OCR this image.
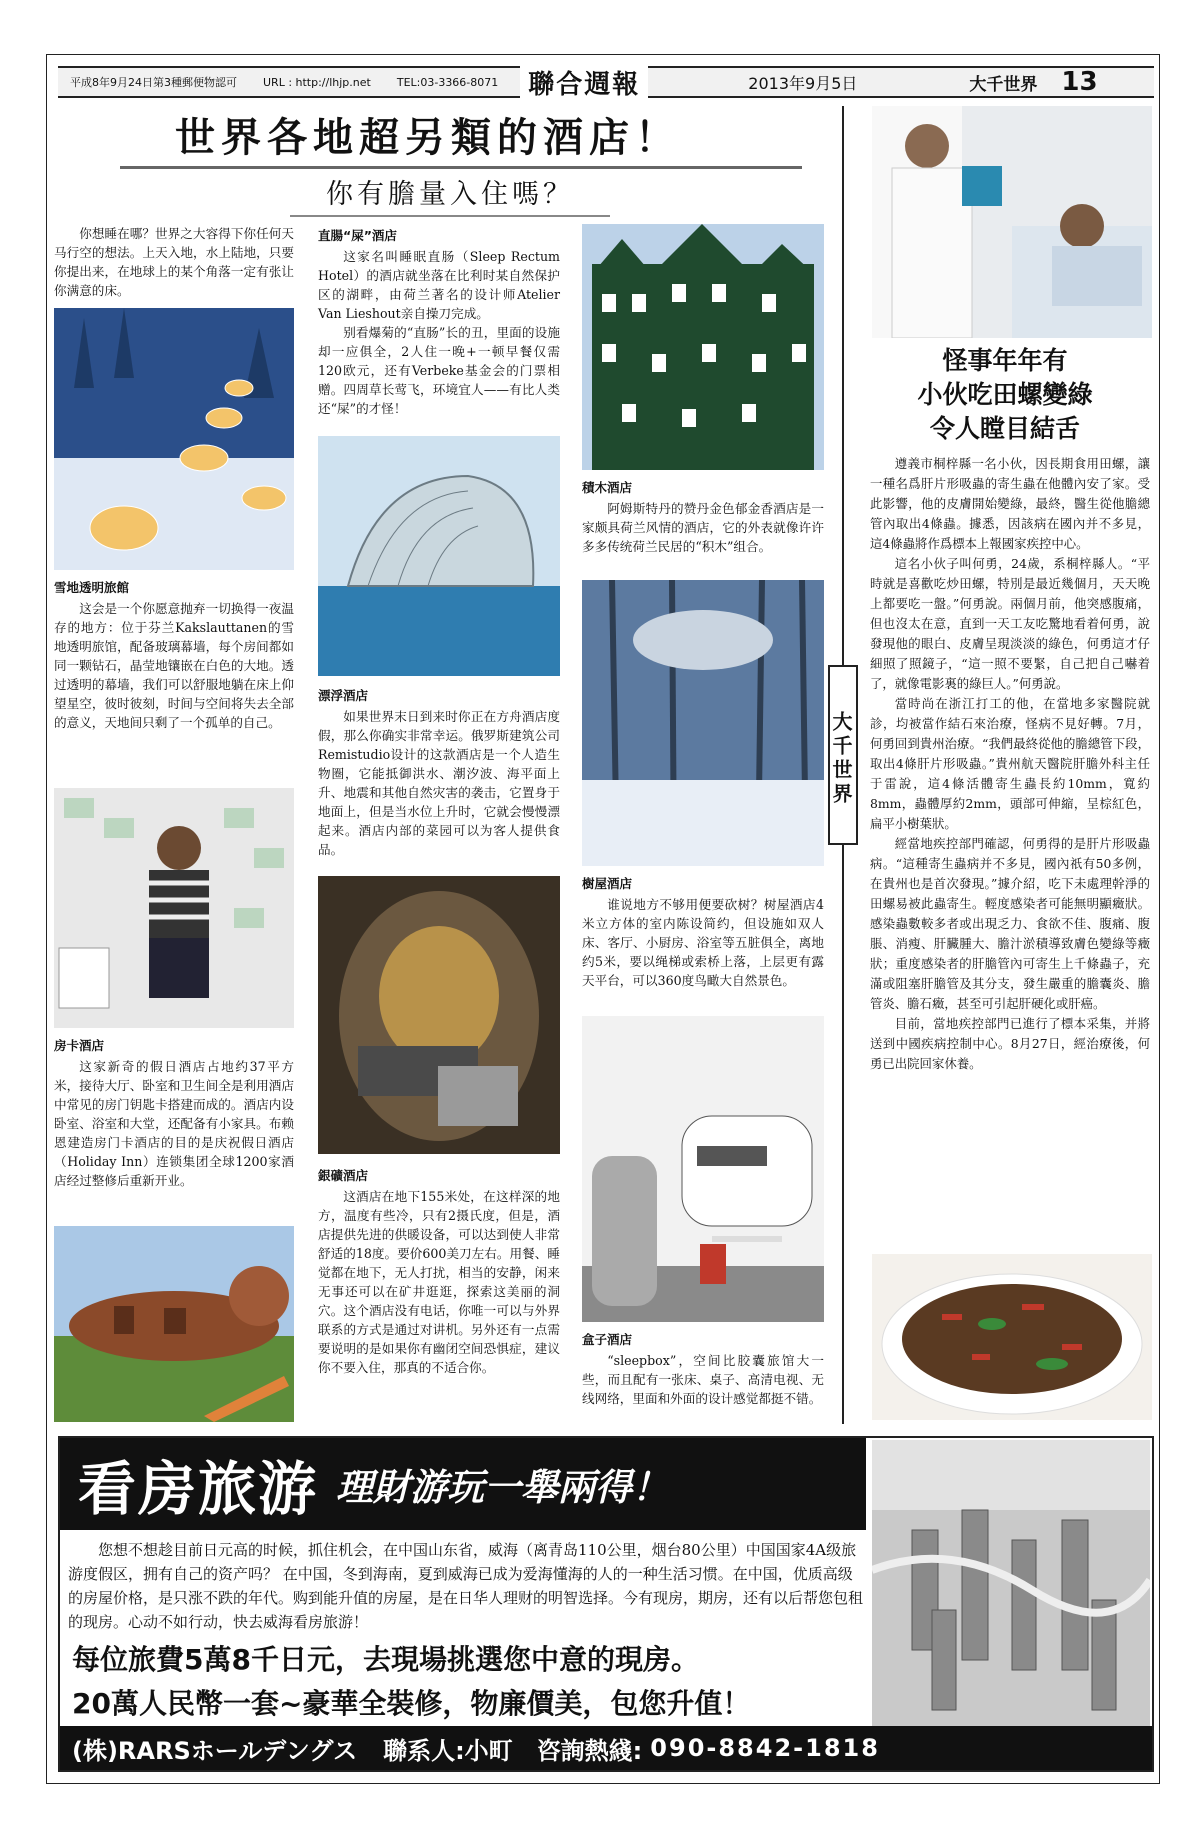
平成8年9月24日第3種郵便物認可 URL : http://lhjp.net TEL:03-3366-8071	聯合週報	2013年9月5日	大千世界 13
世界各地超另類的酒店！
你有膽量入住嗎？

你想睡在哪？世界之大容得下你任何天马行空的想法。上天入地，水上陆地，只要你提出来，在地球上的某个角落一定有张让你满意的床。

雪地透明旅館

这会是一个你愿意抛弃一切换得一夜温存的地方：位于芬兰Kakslauttanen的雪地透明旅馆，配备玻璃幕墙，每个房间都如同一颗钻石，晶莹地镶嵌在白色的大地。透过透明的幕墙，我们可以舒服地躺在床上仰望星空，彼时彼刻，时间与空间将失去全部的意义，天地间只剩了一个孤单的自己。

房卡酒店

这家新奇的假日酒店占地约37平方米，接待大厅、卧室和卫生间全是利用酒店中常见的房门钥匙卡搭建而成的。酒店内设卧室、浴室和大堂，还配备有小家具。布赖恩建造房门卡酒店的目的是庆祝假日酒店（Holiday Inn）连锁集团全球1200家酒店经过整修后重新开业。

直腸“屎”酒店

这家名叫睡眠直肠（Sleep Rectum Hotel）的酒店就坐落在比利时某自然保护区的湖畔，由荷兰著名的设计师Atelier Van Lieshout亲自操刀完成。

别看爆菊的“直肠”长的丑，里面的设施却一应俱全，2人住一晚+一顿早餐仅需120欧元，还有Verbeke基金会的门票相赠。四周草长莺飞，环境宜人——有比人类还“屎”的才怪！

漂浮酒店

如果世界末日到来时你正在方舟酒店度假，那么你确实非常幸运。俄罗斯建筑公司Remistudio设计的这款酒店是一个人造生物圈，它能抵御洪水、潮汐波、海平面上升、地震和其他自然灾害的袭击，它置身于地面上，但是当水位上升时，它就会慢慢漂起来。酒店内部的菜园可以为客人提供食品。

銀礦酒店

这酒店在地下155米处，在这样深的地方，温度有些冷，只有2摄氏度，但是，酒店提供先进的供暖设备，可以达到使人非常舒适的18度。要价600美刀左右。用餐、睡觉都在地下，无人打扰，相当的安静，闲来无事还可以在矿井逛逛，探索这美丽的洞穴。这个酒店没有电话，你唯一可以与外界联系的方式是通过对讲机。另外还有一点需要说明的是如果你有幽闭空间恐惧症，建议你不要入住，那真的不适合你。

積木酒店

阿姆斯特丹的赞丹金色郁金香酒店是一家颇具荷兰风情的酒店，它的外表就像许许多多传统荷兰民居的“积木”组合。

樹屋酒店

谁说地方不够用便要砍树？树屋酒店4米立方体的室内陈设简约，但设施如双人床、客厅、小厨房、浴室等五脏俱全，离地约5米，要以绳梯或索桥上落，上层更有露天平台，可以360度鸟瞰大自然景色。

盒子酒店

“sleepbox”，空间比胶囊旅馆大一些，而且配有一张床、桌子、高清电视、无线网络，里面和外面的设计感觉都挺不错。

大千世界
怪事年年有
小伙吃田螺變綠
令人瞠目結舌

遵義市桐梓縣一名小伙，因長期食用田螺，讓一種名爲肝片形吸蟲的寄生蟲在他體內安了家。受此影響，他的皮膚開始變綠，最終，醫生從他膽總管內取出4條蟲。據悉，因該病在國內并不多見，這4條蟲將作爲標本上報國家疾控中心。

這名小伙子叫何勇，24歲，系桐梓縣人。“平時就是喜歡吃炒田螺，特別是最近幾個月，天天晚上都要吃一盤。”何勇說。兩個月前，他突感腹痛，但也沒太在意，直到一天工友吃驚地看着何勇，說發現他的眼白、皮膚呈現淡淡的綠色，何勇這才仔細照了照鏡子，“這一照不要緊，自己把自己嚇着了，就像電影裏的綠巨人。”何勇說。

當時尚在浙江打工的他，在當地多家醫院就診，均被當作結石來治療，怪病不見好轉。7月，何勇回到貴州治療。“我們最終從他的膽總管下段，取出4條肝片形吸蟲。”貴州航天醫院肝膽外科主任于雷說，這4條活體寄生蟲長約10mm，寬約8mm，蟲體厚約2mm，頭部可伸縮，呈棕紅色，扁平小樹葉狀。

經當地疾控部門確認，何勇得的是肝片形吸蟲病。“這種寄生蟲病并不多見，國內祇有50多例，在貴州也是首次發現。”據介紹，吃下未處理幹淨的田螺易被此蟲寄生。輕度感染者可能無明顯癥狀。感染蟲數較多者或出現乏力、食欲不佳、腹痛、腹脹、消瘦、肝臟腫大、膽汁淤積導致膚色變綠等癥狀；重度感染者的肝膽管內可寄生上千條蟲子，充滿或阻塞肝膽管及其分支，發生嚴重的膽囊炎、膽管炎、膽石癥，甚至可引起肝硬化或肝癌。

目前，當地疾控部門已進行了標本采集，并將送到中國疾病控制中心。8月27日，經治療後，何勇已出院回家休養。

看房旅游 理財游玩一舉兩得！
您想不想趁目前日元高的时候，抓住机会，在中国山东省，威海（离青岛110公里，烟台80公里）中国国家4A级旅游度假区，拥有自己的资产吗？ 在中国，冬到海南，夏到威海已成为爱海懂海的人的一种生活习惯。在中国，优质高级的房屋价格，是只涨不跌的年代。购到能升值的房屋，是在日华人理财的明智选择。今有现房，期房，还有以后帮您包租的现房。心动不如行动，快去威海看房旅游！
每位旅費5萬8千日元，去現場挑選您中意的現房。
20萬人民幣一套~豪華全裝修，物廉價美，包您升值！
(株)RARSホールデングス 聯系人:小町 咨詢熱綫: 090-8842-1818
